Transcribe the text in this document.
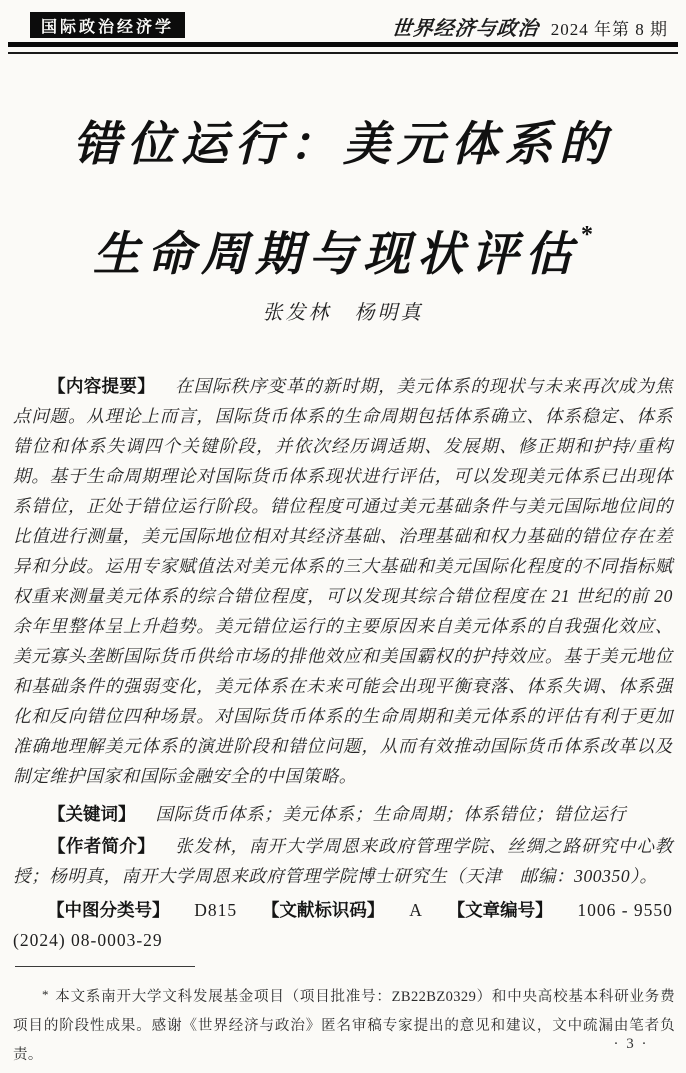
国际政治经济学	世界经济与政治 2024 年第 8 期
错位运行：美元体系的
生命周期与现状评估*
张发林　杨明真

【内容提要】 在国际秩序变革的新时期，美元体系的现状与未来再次成为焦点问题。从理论上而言，国际货币体系的生命周期包括体系确立、体系稳定、体系错位和体系失调四个关键阶段，并依次经历调适期、发展期、修正期和护持/重构期。基于生命周期理论对国际货币体系现状进行评估，可以发现美元体系已出现体系错位，正处于错位运行阶段。错位程度可通过美元基础条件与美元国际地位间的比值进行测量，美元国际地位相对其经济基础、治理基础和权力基础的错位存在差异和分歧。运用专家赋值法对美元体系的三大基础和美元国际化程度的不同指标赋权重来测量美元体系的综合错位程度，可以发现其综合错位程度在 21 世纪的前 20 余年里整体呈上升趋势。美元错位运行的主要原因来自美元体系的自我强化效应、美元寡头垄断国际货币供给市场的排他效应和美国霸权的护持效应。基于美元地位和基础条件的强弱变化，美元体系在未来可能会出现平衡衰落、体系失调、体系强化和反向错位四种场景。对国际货币体系的生命周期和美元体系的评估有利于更加准确地理解美元体系的演进阶段和错位问题，从而有效推动国际货币体系改革以及制定维护国家和国际金融安全的中国策略。

【关键词】 国际货币体系；美元体系；生命周期；体系错位；错位运行

【作者简介】 张发林，南开大学周恩来政府管理学院、丝绸之路研究中心教授；杨明真，南开大学周恩来政府管理学院博士研究生（天津　邮编：300350）。

【中图分类号】 D815 【文献标识码】 A 【文章编号】 1006 - 9550

(2024) 08-0003-29

* 本文系南开大学文科发展基金项目（项目批准号：ZB22BZ0329）和中央高校基本科研业务费项目的阶段性成果。感谢《世界经济与政治》匿名审稿专家提出的意见和建议，文中疏漏由笔者负责。

· 3 ·
